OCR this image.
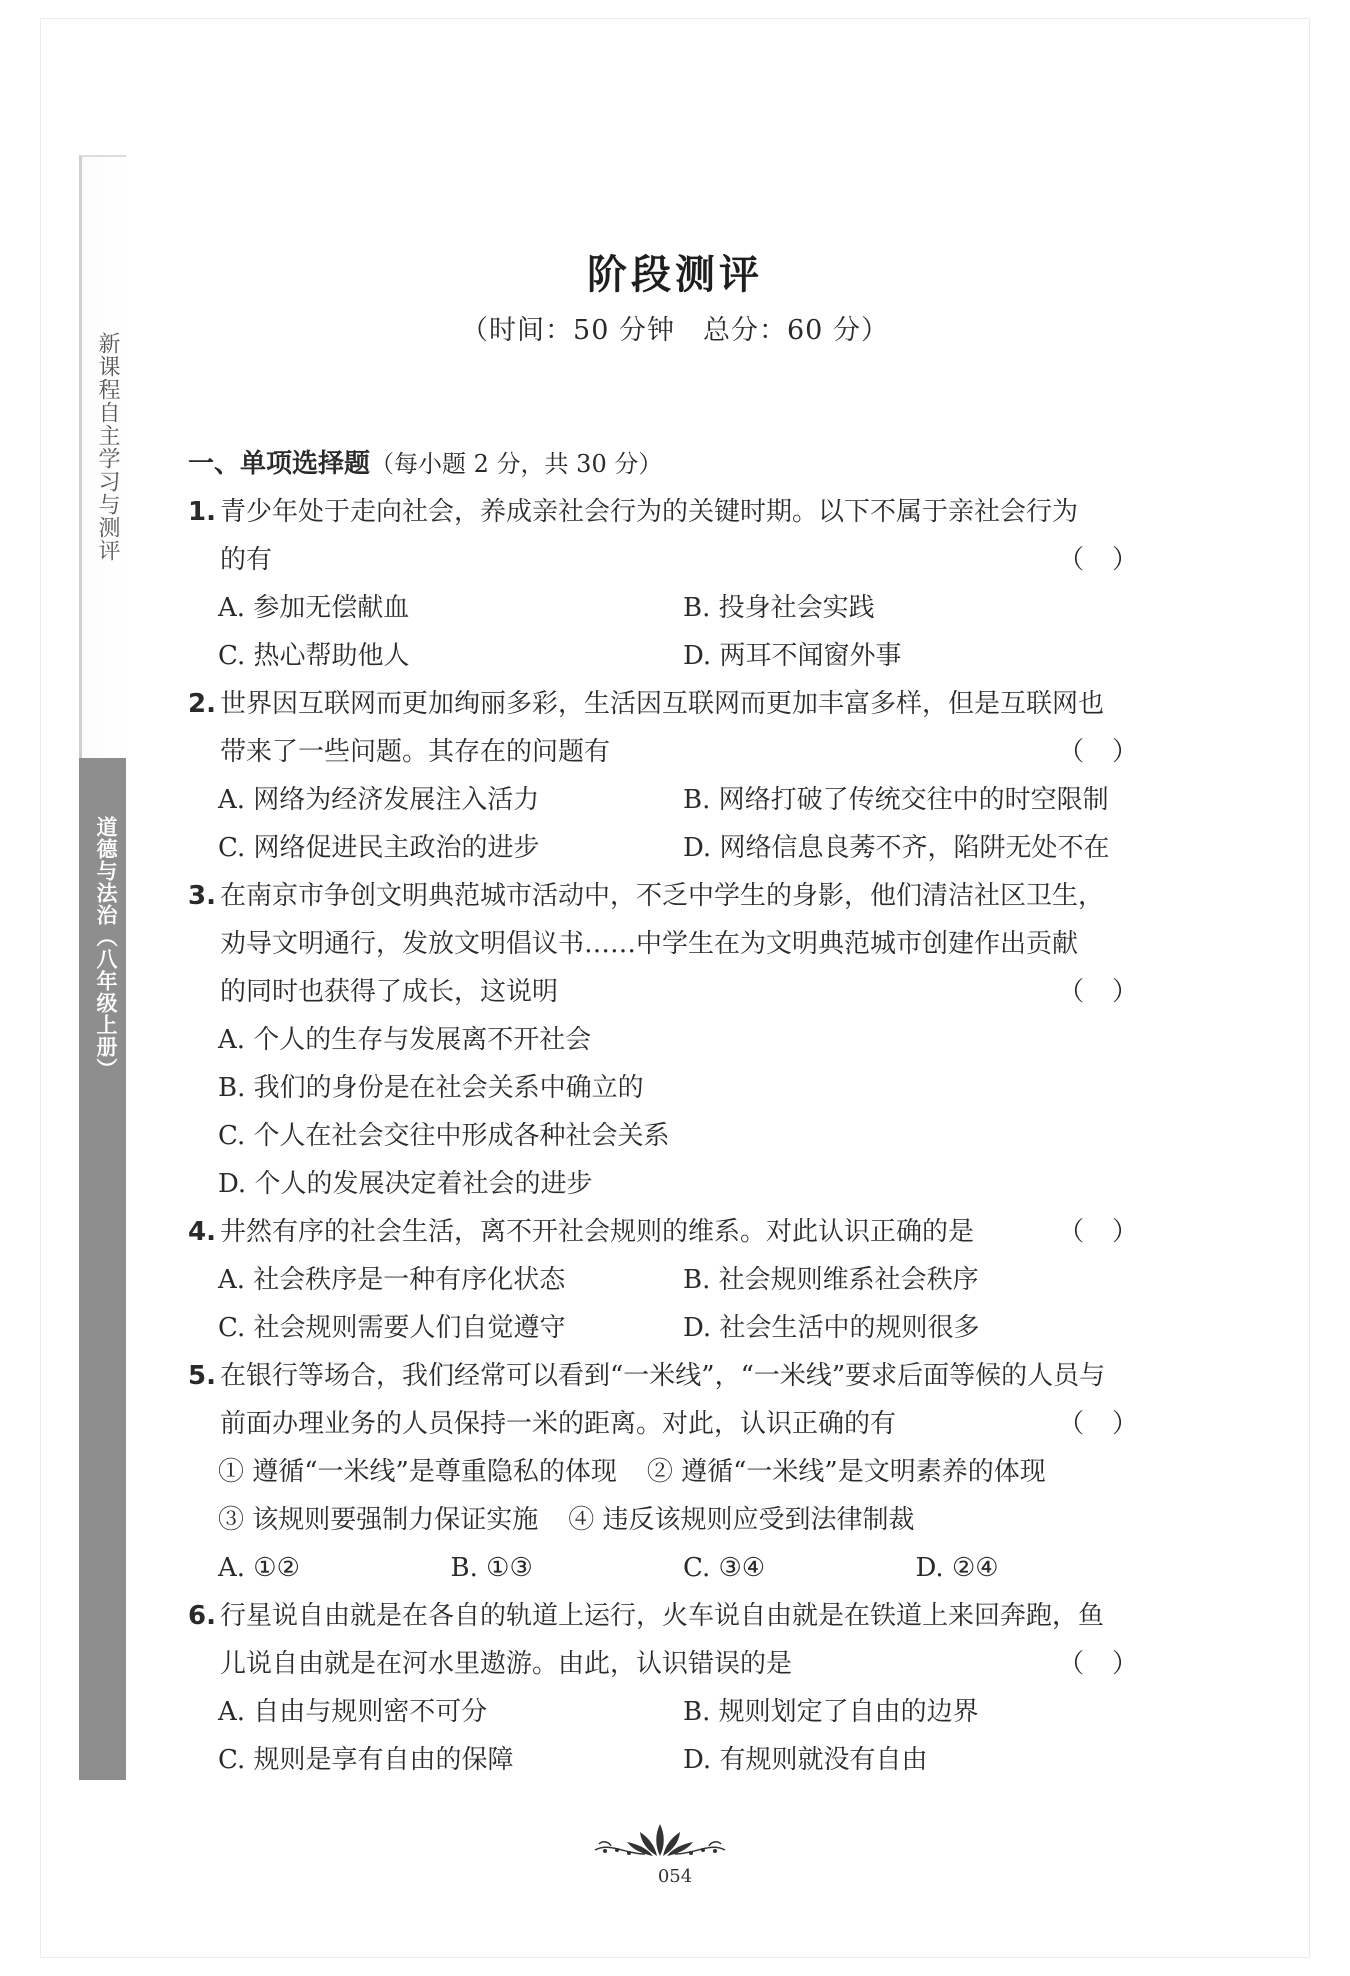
新课程自主学习与测评
道德与法治（八年级上册）
阶段测评
（时间：50 分钟 总分：60 分）
一、单项选择题（每小题 2 分，共 30 分）
1. 青少年处于走向社会，养成亲社会行为的关键时期。以下不属于亲社会行为
的有	（ ）
A. 参加无偿献血	B. 投身社会实践
C. 热心帮助他人	D. 两耳不闻窗外事
2. 世界因互联网而更加绚丽多彩，生活因互联网而更加丰富多样，但是互联网也
带来了一些问题。其存在的问题有	（ ）
A. 网络为经济发展注入活力	B. 网络打破了传统交往中的时空限制
C. 网络促进民主政治的进步	D. 网络信息良莠不齐，陷阱无处不在
3. 在南京市争创文明典范城市活动中，不乏中学生的身影，他们清洁社区卫生，
劝导文明通行，发放文明倡议书……中学生在为文明典范城市创建作出贡献
的同时也获得了成长，这说明	（ ）
A. 个人的生存与发展离不开社会
B. 我们的身份是在社会关系中确立的
C. 个人在社会交往中形成各种社会关系
D. 个人的发展决定着社会的进步
4. 井然有序的社会生活，离不开社会规则的维系。对此认识正确的是	（ ）
A. 社会秩序是一种有序化状态	B. 社会规则维系社会秩序
C. 社会规则需要人们自觉遵守	D. 社会生活中的规则很多
5. 在银行等场合，我们经常可以看到“一米线”，“一米线”要求后面等候的人员与
前面办理业务的人员保持一米的距离。对此，认识正确的有	（ ）
① 遵循“一米线”是尊重隐私的体现 ② 遵循“一米线”是文明素养的体现
③ 该规则要强制力保证实施 ④ 违反该规则应受到法律制裁
A. ①②	B. ①③	C. ③④	D. ②④
6. 行星说自由就是在各自的轨道上运行，火车说自由就是在铁道上来回奔跑，鱼
儿说自由就是在河水里遨游。由此，认识错误的是	（ ）
A. 自由与规则密不可分	B. 规则划定了自由的边界
C. 规则是享有自由的保障	D. 有规则就没有自由
054
